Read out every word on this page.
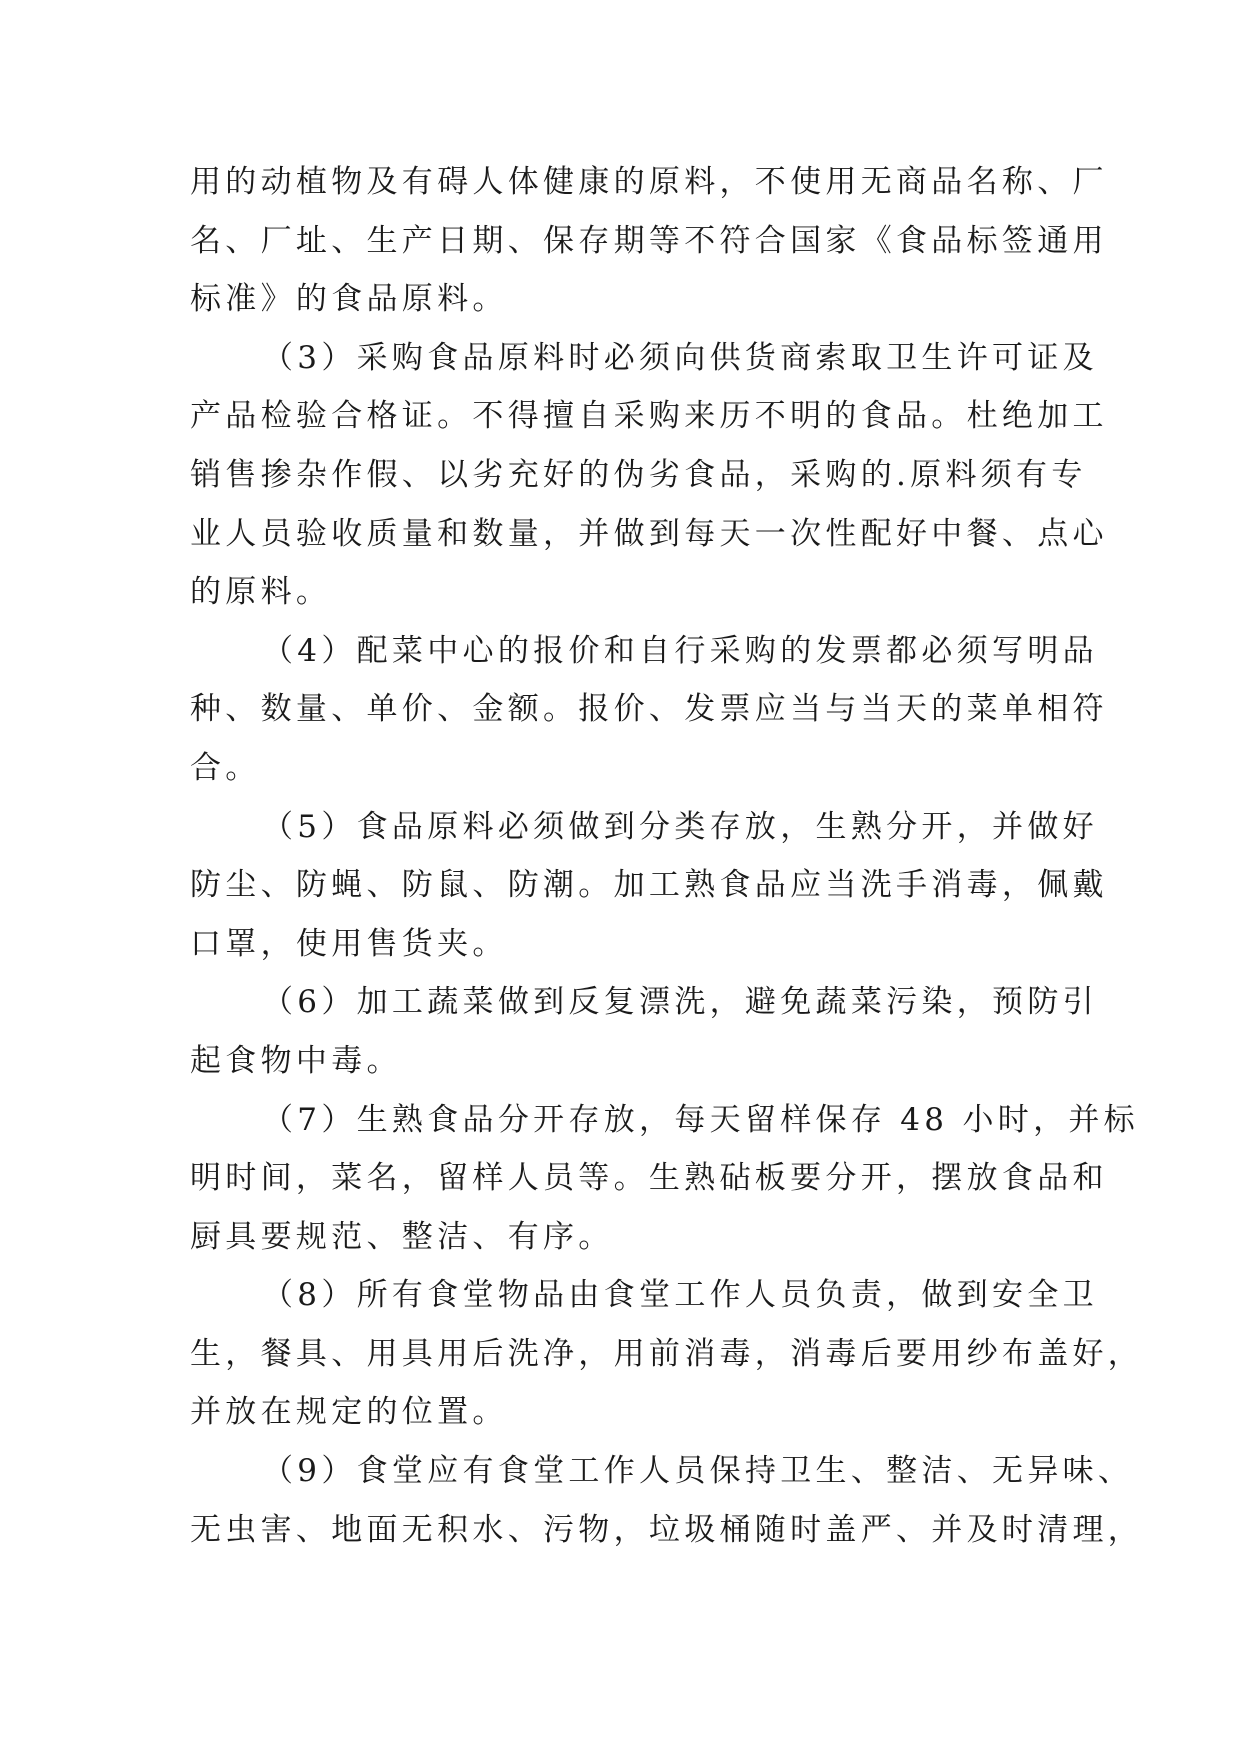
用的动植物及有碍人体健康的原料，不使用无商品名称、厂
名、厂址、生产日期、保存期等不符合国家《食品标签通用
标准》的食品原料。
（3）采购食品原料时必须向供货商索取卫生许可证及
产品检验合格证。不得擅自采购来历不明的食品。杜绝加工
销售掺杂作假、以劣充好的伪劣食品，采购的.原料须有专
业人员验收质量和数量，并做到每天一次性配好中餐、点心
的原料。
（4）配菜中心的报价和自行采购的发票都必须写明品
种、数量、单价、金额。报价、发票应当与当天的菜单相符
合。
（5）食品原料必须做到分类存放，生熟分开，并做好
防尘、防蝇、防鼠、防潮。加工熟食品应当洗手消毒，佩戴
口罩，使用售货夹。
（6）加工蔬菜做到反复漂洗，避免蔬菜污染，预防引
起食物中毒。
（7）生熟食品分开存放，每天留样保存 48 小时，并标
明时间，菜名，留样人员等。生熟砧板要分开，摆放食品和
厨具要规范、整洁、有序。
（8）所有食堂物品由食堂工作人员负责，做到安全卫
生，餐具、用具用后洗净，用前消毒，消毒后要用纱布盖好，
并放在规定的位置。
（9）食堂应有食堂工作人员保持卫生、整洁、无异味、
无虫害、地面无积水、污物，垃圾桶随时盖严、并及时清理，
